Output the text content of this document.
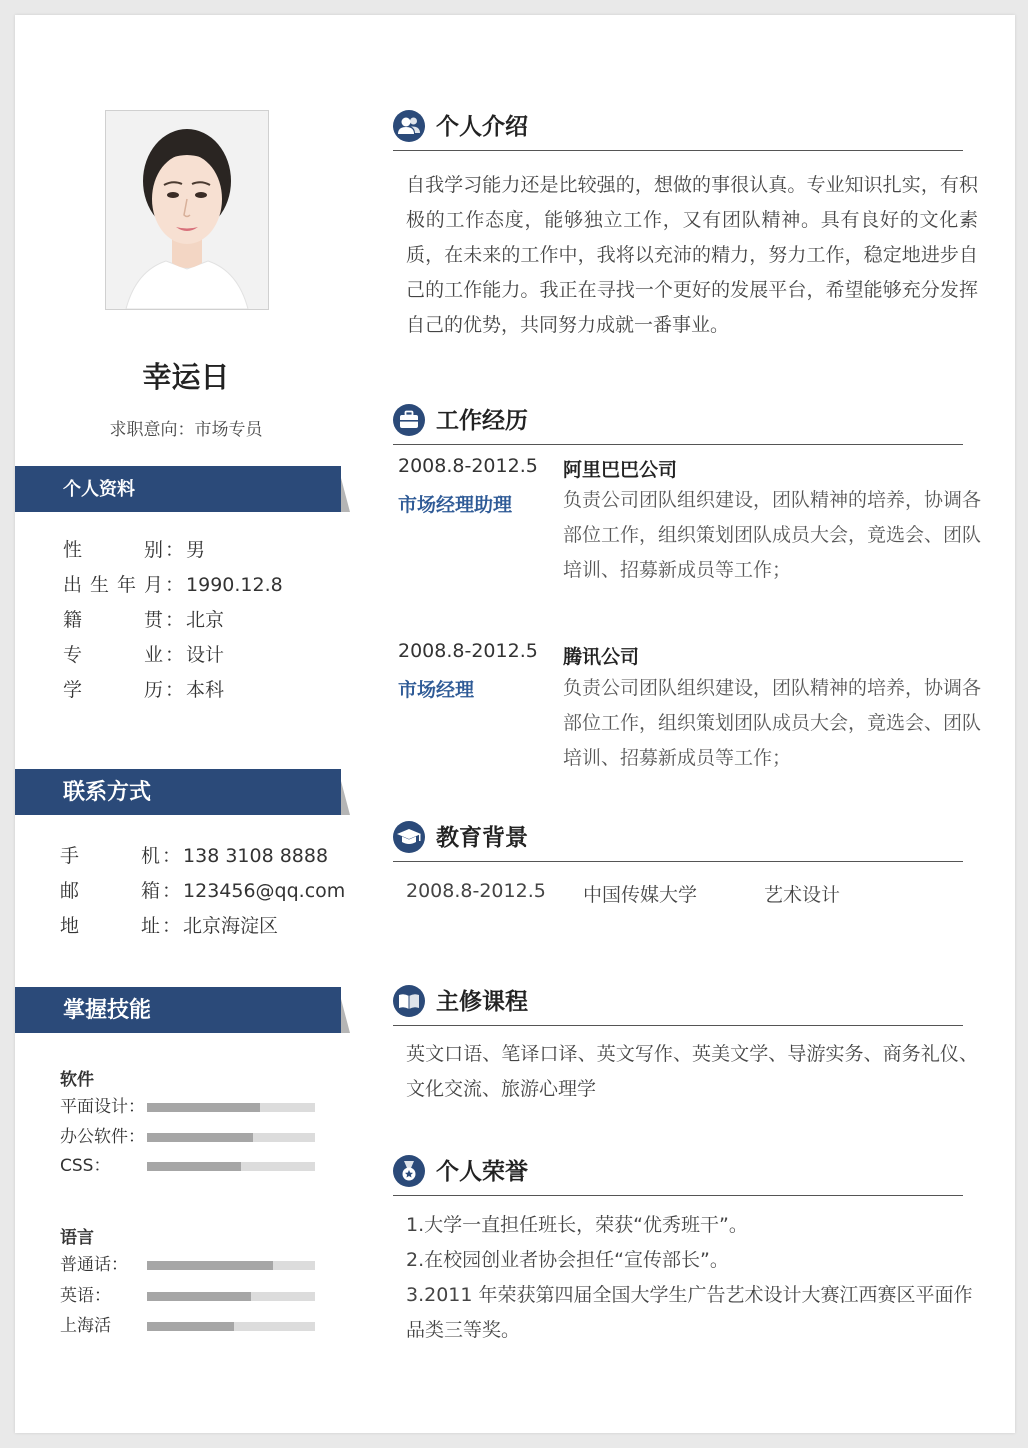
幸运日
求职意向：市场专员
个人资料
性别 ： 男
出生年月 ： 1990.12.8
籍贯 ： 北京
专业 ： 设计
学历 ： 本科
联系方式
手机 ： 138 3108 8888
邮箱 ： 123456@qq.com
地址 ： 北京海淀区
掌握技能
软件
平面设计：
办公软件：
CSS：
语言
普通话：
英语：
上海活
个人介绍

自我学习能力还是比较强的，想做的事很认真。专业知识扎实，有积极的工作态度，能够独立工作，又有团队精神。具有良好的文化素质，在未来的工作中，我将以充沛的精力，努力工作，稳定地进步自己的工作能力。我正在寻找一个更好的发展平台，希望能够充分发挥自己的优势，共同努力成就一番事业。

工作经历
2008.8-2012.5
市场经理助理
阿里巴巴公司

负责公司团队组织建设，团队精神的培养，协调各部位工作，组织策划团队成员大会，竟选会、团队培训、招募新成员等工作；

2008.8-2012.5
市场经理
腾讯公司

负责公司团队组织建设，团队精神的培养，协调各部位工作，组织策划团队成员大会，竟选会、团队培训、招募新成员等工作；

教育背景
2008.8-2012.5 中国传媒大学	艺术设计
主修课程

英文口语、笔译口译、英文写作、英美文学、导游实务、商务礼仪、文化交流、旅游心理学

个人荣誉

1.大学一直担任班长，荣获“优秀班干”。

2.在校园创业者协会担任“宣传部长”。

3.2011 年荣获第四届全国大学生广告艺术设计大赛江西赛区平面作品类三等奖。
